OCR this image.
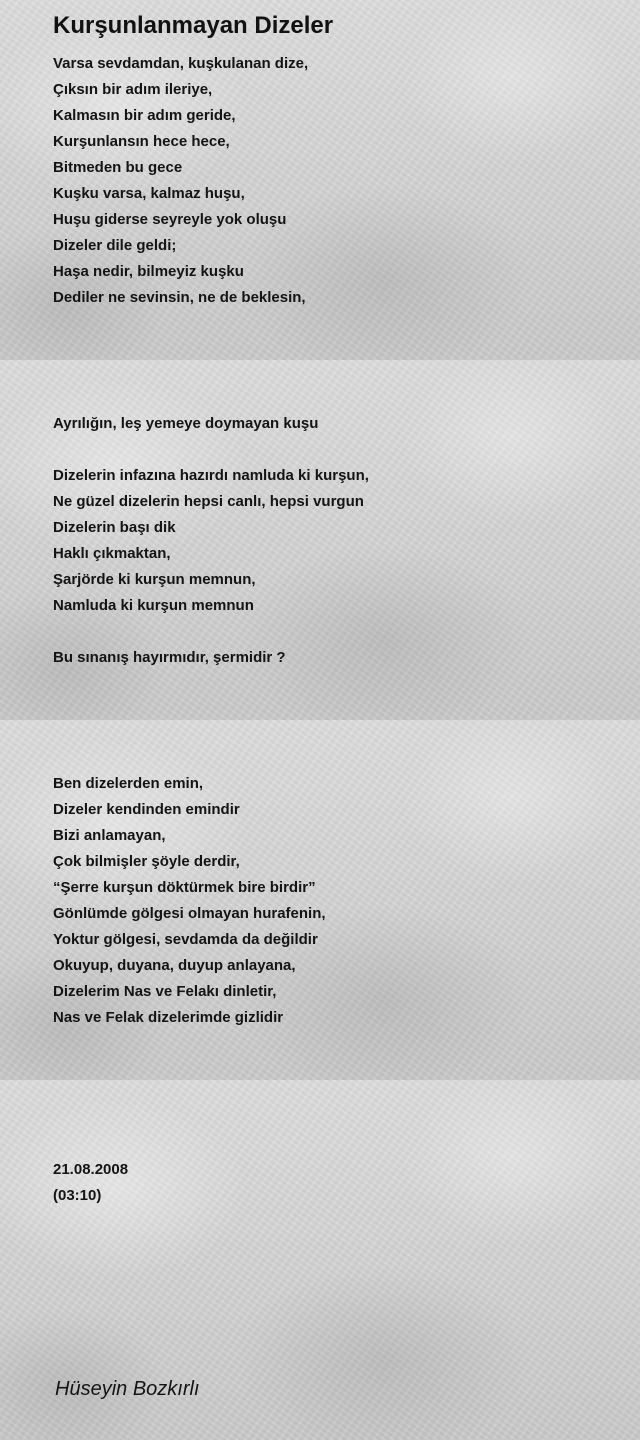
Kurşunlanmayan Dizeler
Varsa sevdamdan, kuşkulanan dize,
Çıksın bir adım ileriye,
Kalmasın bir adım geride,
Kurşunlansın hece hece,
Bitmeden bu gece
Kuşku varsa, kalmaz huşu,
Huşu giderse seyreyle yok oluşu
Dizeler dile geldi;
Haşa nedir, bilmeyiz kuşku
Dediler ne sevinsin, ne de beklesin,
Ayrılığın, leş yemeye doymayan kuşu
Dizelerin infazına hazırdı namluda ki kurşun,
Ne güzel dizelerin hepsi canlı, hepsi vurgun
Dizelerin başı dik
Haklı çıkmaktan,
Şarjörde ki kurşun memnun,
Namluda ki kurşun memnun
Bu sınanış hayırmıdır, şermidir ?
Ben dizelerden emin,
Dizeler kendinden emindir
Bizi anlamayan,
Çok bilmişler şöyle derdir,
“Şerre kurşun döktürmek bire birdir”
Gönlümde gölgesi olmayan hurafenin,
Yoktur gölgesi, sevdamda da değildir
Okuyup, duyana, duyup anlayana,
Dizelerim Nas ve Felakı dinletir,
Nas ve Felak dizelerimde gizlidir
21.08.2008
(03:10)
Hüseyin Bozkırlı
